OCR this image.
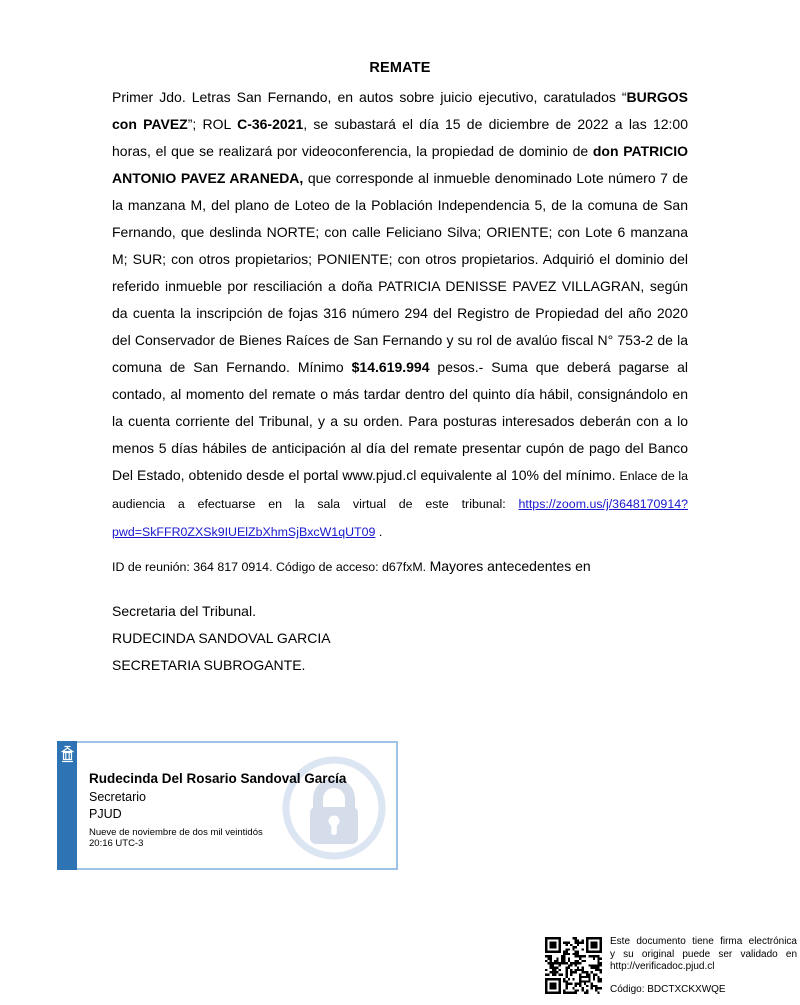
REMATE
Primer Jdo. Letras San Fernando, en autos sobre juicio ejecutivo, caratulados “BURGOS con PAVEZ”; ROL C-36-2021, se subastará el día 15 de diciembre de 2022 a las 12:00 horas, el que se realizará por videoconferencia, la propiedad de dominio de don PATRICIO ANTONIO PAVEZ ARANEDA, que corresponde al inmueble denominado Lote número 7 de la manzana M, del plano de Loteo de la Población Independencia 5, de la comuna de San Fernando, que deslinda NORTE; con calle Feliciano Silva; ORIENTE; con Lote 6 manzana M; SUR; con otros propietarios; PONIENTE; con otros propietarios. Adquirió el dominio del referido inmueble por resciliación a doña PATRICIA DENISSE PAVEZ VILLAGRAN, según da cuenta la inscripción de fojas 316 número 294 del Registro de Propiedad del año 2020 del Conservador de Bienes Raíces de San Fernando y su rol de avalúo fiscal N° 753-2 de la comuna de San Fernando. Mínimo $14.619.994 pesos.- Suma que deberá pagarse al contado, al momento del remate o más tardar dentro del quinto día hábil, consignándolo en la cuenta corriente del Tribunal, y a su orden. Para posturas interesados deberán con a lo menos 5 días hábiles de anticipación al día del remate presentar cupón de pago del Banco Del Estado, obtenido desde el portal www.pjud.cl equivalente al 10% del mínimo. Enlace de la audiencia a efectuarse en la sala virtual de este tribunal: https://zoom.us/j/3648170914?pwd=SkFFR0ZXSk9IUElZbXhmSjBxcW1qUT09 .
ID de reunión: 364 817 0914. Código de acceso: d67fxM. Mayores antecedentes en
Secretaria del Tribunal.
RUDECINDA SANDOVAL GARCIA
SECRETARIA SUBROGANTE.
Rudecinda Del Rosario Sandoval García
Secretario
PJUD
Nueve de noviembre de dos mil veintidós
20:16 UTC-3
Este documento tiene firma electrónica
y su original puede ser validado en
http://verificadoc.pjud.cl
Código: BDCTXCKXWQE
